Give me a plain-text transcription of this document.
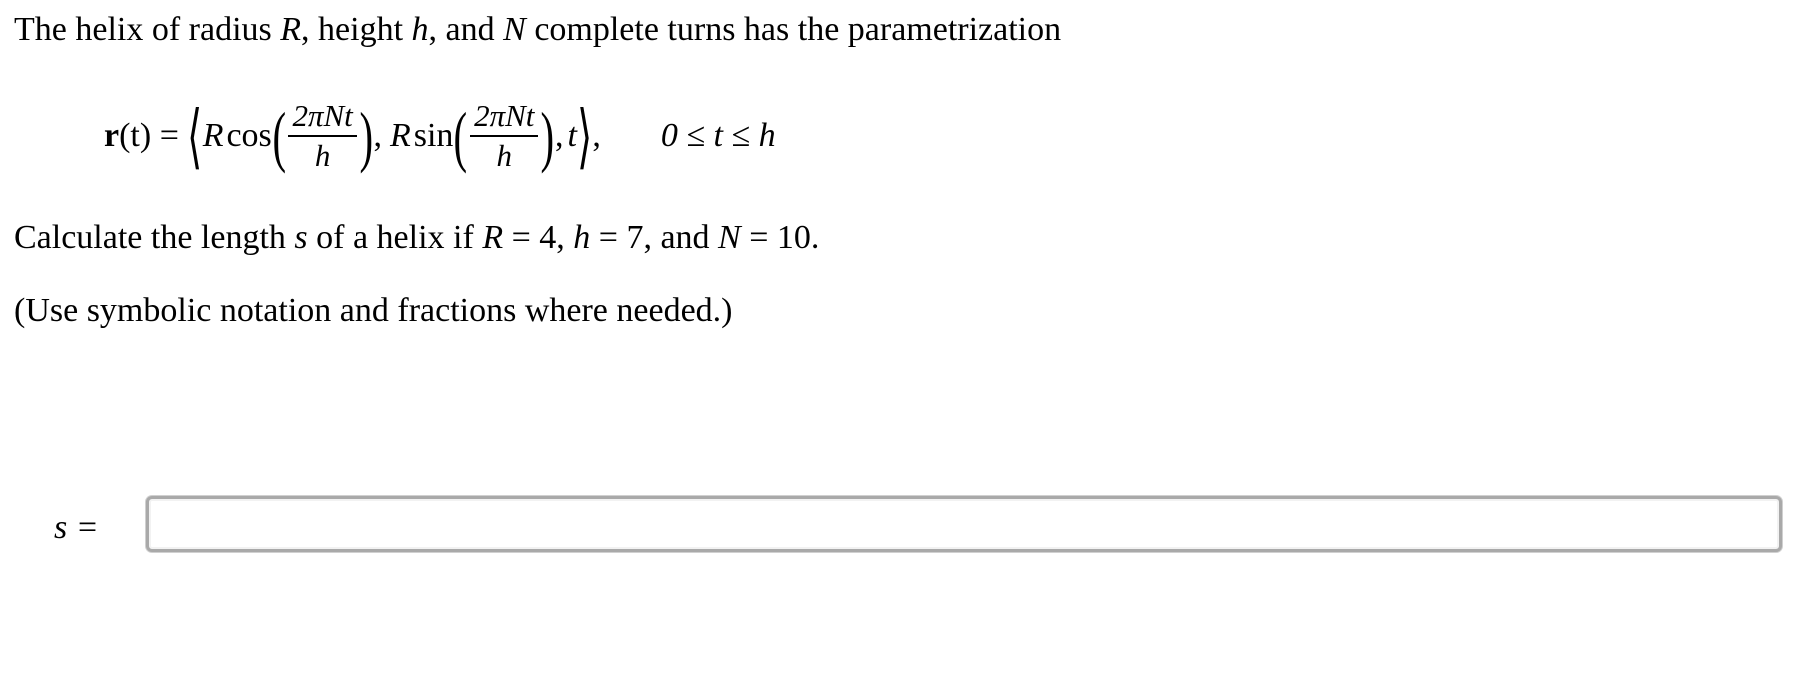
The helix of radius R, height h, and N complete turns has the parametrization
r (t) = ⟨ R cos ( $\frac{\text{2πNt}}{h}$ ) , R sin ( $\frac{\text{2πNt}}{h}$ ) , t ⟩ , 0 ≤ t ≤ h
Calculate the length s of a helix if R = 4, h = 7, and N = 10.
(Use symbolic notation and fractions where needed.)
s =
